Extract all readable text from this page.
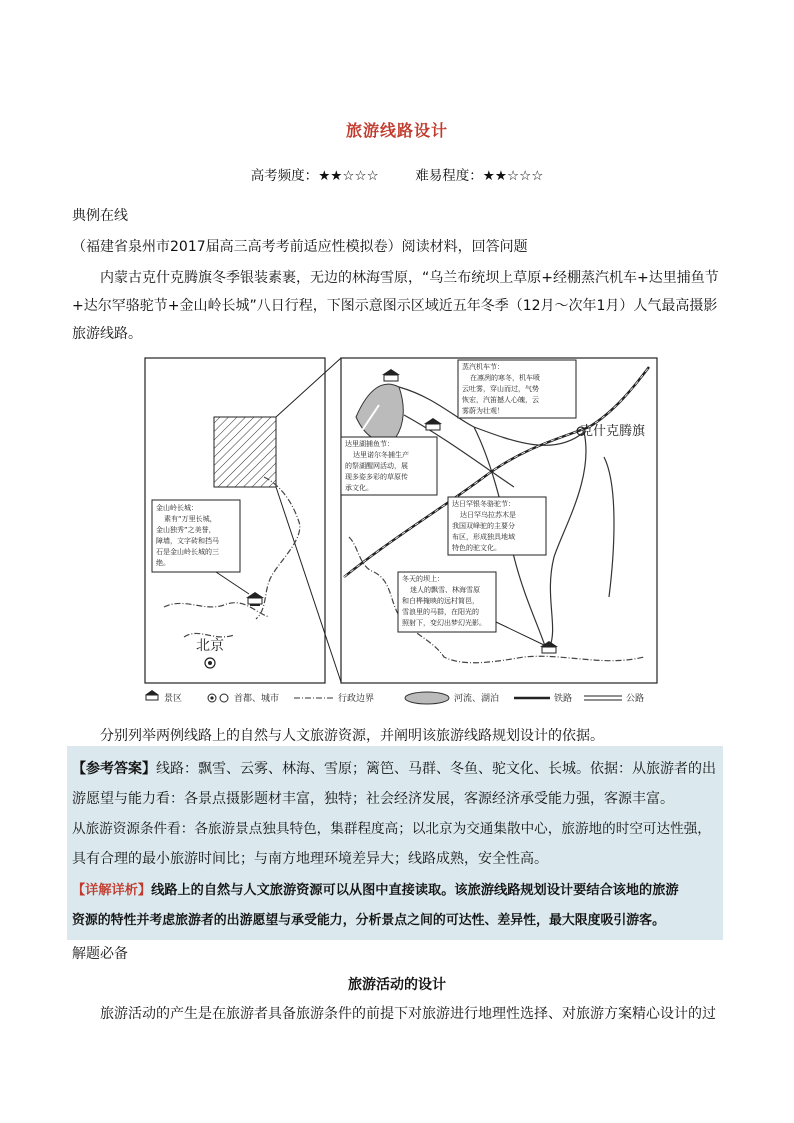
旅游线路设计
高考频度：★★☆☆☆	难易程度：★★☆☆☆
典例在线
（福建省泉州市2017届高三高考考前适应性模拟卷）阅读材料，回答问题
内蒙古克什克腾旗冬季银装素裹，无边的林海雪原，“乌兰布统坝上草原+经棚蒸汽机车+达里捕鱼节+达尔罕骆驼节+金山岭长城”八日行程，下图示意图示区域近五年冬季（12月～次年1月）人气最高摄影旅游线路。
北京
金山岭长城： 素有“万里长城， 金山独秀”之美誉， 障墙，文字砖和挡马 石是金山岭长城的三 绝。
克什克腾旗
蒸汽机车节： 在凛冽的寒冬，机车喷 云吐雾，穿山而过，气势 恢宏，汽笛撼人心魄，云 雾蔚为壮观！
达里湖捕鱼节： 达里诺尔冬捕生产 的祭湖醒网活动，展 现多姿多彩的草原传 承文化。
达日罕银冬骆驼节： 达日罕乌拉苏木是 我国双峰驼的主要分 布区，形成独具地域 特色的驼文化。
冬天的坝上： 迷人的飘雪、林海雪原 和白桦掩映的远村简邑， 雪浪里的马群，在阳光的 照射下，变幻出梦幻光影。
景区	首都、城市	行政边界	河流、湖泊	铁路	公路
分别列举两例线路上的自然与人文旅游资源，并阐明该旅游线路规划设计的依据。
【参考答案】线路：飘雪、云雾、林海、雪原；篱笆、马群、冬鱼、驼文化、长城。依据：从旅游者的出
游愿望与能力看：各景点摄影题材丰富，独特；社会经济发展，客源经济承受能力强，客源丰富。
从旅游资源条件看：各旅游景点独具特色，集群程度高；以北京为交通集散中心，旅游地的时空可达性强，
具有合理的最小旅游时间比；与南方地理环境差异大；线路成熟，安全性高。
【详解详析】线路上的自然与人文旅游资源可以从图中直接读取。该旅游线路规划设计要结合该地的旅游
资源的特性并考虑旅游者的出游愿望与承受能力，分析景点之间的可达性、差异性，最大限度吸引游客。
解题必备
旅游活动的设计
旅游活动的产生是在旅游者具备旅游条件的前提下对旅游进行地理性选择、对旅游方案精心设计的过
